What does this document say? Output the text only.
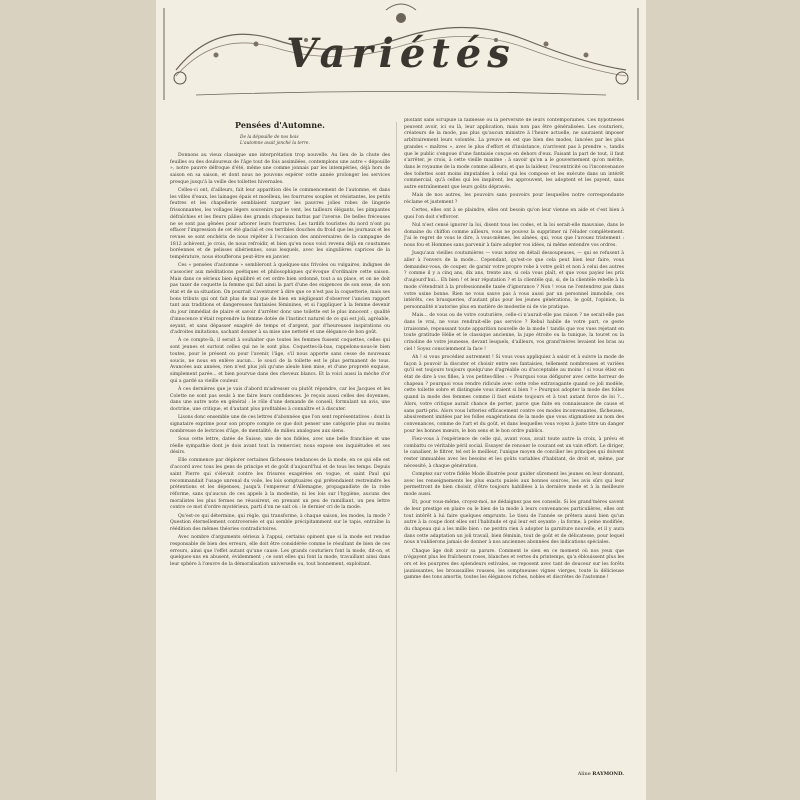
Variétés
Pensées d'Automne.
De la dépouille de nos bois
L'automne avait jonché la terre.

Donnons au vieux classique une interprétation trop nouvelle. Au lieu de la chute des feuilles ou des douloureux de l'âge tout de fois assimilées, contemplons une autre « dépouille », notre pauvre défroque d'été, même une comme jonnais par les intempéries, déjà hors de saison en sa saison, et dont nous ne pouvons espérer cette année prolonger les services presque jusqu'à la veille des toilettes hivernales.

Celles-ci ont, d'ailleurs, fait leur apparition dès le commencement de l'automne, et dans les villes d'eaux, les lainages épais et moelleux, les fourrures souples et résistantes, les petits feutres et les chapellerie semblaient narguer les pauvres jolies robes de lingerie frissonnantes, les vollages légers souvenirs par le vent, les tailleurs élégants, les pimpantes défraîchies et les fleurs pâlies des grands chapeaux battus par l'averse. De belles fréceuses ne se sont pas gênées pour arborer leurs fourrures. Les tardifs touristes du nord n'ont pu effacer l'impression de cet été glacial et ces terribles douches du froid que les journaux et les revues se sont enchéris de nous répéter à l'occasion des anniversaires de la campagne de 1812 achèvent, je crois, de nous refroidir, et bien qu'en nous voici revenu déjà en coustumes boréennes et de pelisses sibériennes, sous lesquels, avec les singulières caprices de la température, nous étoufferons peut-être en janvier.

Ces « pensées d'automne » sembleront à quelques-uns frivoles ou vulgaires, indignes de s'associer aux méditations poétiques et philosophiques qu'évoque d'ordinaire cette saison. Mais dans ce sérieux bien équilibré et cet ordre bien ordonné, tout a sa place, et on ne doit pas taxer de coquette la femme qui fait ainsi la part d'une des exigences de son sexe, de son état et de sa situation. On pourrait s'aventurer à dire que ce n'est pas la coquetterie, mais ses bons tributs qui ont fait plus de mal que de bien en négligeant d'observer l'ancien rapport tant aux traditions et dangereuses fantaisies féminines, et si l'appliquer à la femme devenir du jour immédiat de plaire et savoir d'arrêter donc une toilette est le plus innocent ; qualité d'innocence n'était reprendre la femme dotée de l'instinct naturel de ce qui est joli, agréable, seyant, et sans dépasser exagéré de temps et d'argent, par d'heureuses inspirations ou d'adroites imitations, sachant donner à sa mise une netteté et une élégance de bon goût.

À ce compte-là, il serait à souhaiter que toutes les femmes fussent coquettes, celles qui sont jeunes et surtout celles qui ne le sont plus. Coquettes-là-bas, rappelons-nous-le bien toutes, pour le présent ou pour l'avenir, l'âge, s'il nous apporte sans cesse de nouveaux soucis, ne nous en enlève aucun... le souci de la toilette est le plus permanent de tous. Avancées aux années, rien n'est plus joli qu'une aïeule bien mise, et d'une propreté exquise, simplement parée... et bien pourvue dans des cheveux blancs. Et la voici aussi la mèche d'or qui a gardé sa vieille couleur.

À ces dernières que je vais d'abord m'adresser ou plutôt répondre, car les Jacques et les Colette ne sont pas seuls à me faire leurs confidences. Je reçois aussi celles des doyennes, dans une autre note en général : le rôle d'une demande de conseil, formulant un avis, une doctrine, une critique, et d'autant plus profitables à connaître et à discuter.

Lisons donc ensemble une de ces lettres d'abonnées que l'on sent représentatives : dont la signataire exprime pour son propre compte ce que doit penser une catégorie plus ou moins nombreuse de lectrices d'âge, de mentalité, de milieu analogues aux siens.

Sous cette lettre, datée de Suisse, une de nos fidèles, avec une belle franchise et une réelle sympathie dont je dois avant tout la remercier, nous expose ses inquiétudes et ses désirs.

Elle commence par déplorer certaines fâcheuses tendances de la mode, en ce qui elle est d'accord avec tous les gens de principe et de goût d'aujourd'hui et de tous les temps. Depuis saint Pierre qui s'élevait contre les frisures exagérées en vogue, et saint Paul qui recommandait l'usage unrenal du voile, les lois somptuaires qui prétendaient restreindre les prétentions et les dépenses, jusqu'à l'empereur d'Allemagne, propagandiste de la robe réforme, sans qu'aucun de ces appels à la modestie, ni les lois sur l'hygiène, aucuns des moralistes les plus fermes ne réussirent, en prenant un peu de ramilliant, un peu lettre contre ce mot d'ordre mystérieux, parti d'on ne sait où : le dernier cri de la mode.

Qu'est-ce qui détermine, qui règle, qui transforme, à chaque saison, les modes, la mode ? Question éternellement controversée et qui semble précipitamment sur le tapis, entraîne la réédition des mêmes théories contradictoires.

Avec nombre d'arguments sérieux à l'appui, certains opinent que si la mode est rendue responsable de bien des erreurs, elle doit être considérée comme le résultant de bien de ces erreurs, ainsi que l'effet autant qu'une cause. Les grands couturiers font la mode, dit-on, et quelques-uns en abusent, évidemment ; ce sont elles qui font la mode, travaillant ainsi dans leur sphère à l'œuvre de la démoralisation universelle ou, tout bonnement, exploitant.

ploitant sans scrupule la faiblesse ou la perversité de leurs contemporaines. Ces hypothèses peuvent avoir, ici ou là, leur application, mais non pas être généralisées. Les couturiers, créateurs de la mode, pas plus qu'aucun ministre à l'heure actuelle, ne sauraient imposer arbitrairement leurs volontés. La preuve en est que bien des modes, lancées par les plus grandes « maîtres », avec le plus d'effort et d'insistance, n'arrivent pas à prendre », tandis que le public s'engoue d'une fantaisie conçue en dehors d'eux. Faisant la part de tout, il faut s'arrêter, je crois, à cette vieille maxime : à savoir qu'on a le gouvernement qu'on mérite, dans le royaume de la mode comme ailleurs, et que la laideur, l'excentricité ou l'inconvenance des toilettes sont moins imputables à celui qui les compose et les exécute dans un intérêt commercial, qu'à celles qui les inspirent, les approuvent, les adoptent et les payent, sans autre entraînement que leurs goûts dépravés.

Mais de nos autres, les pouvoirs sans pouvoirs pour lesquelles notre correspondante réclame et justement ?

Certes, elles ont à se plaindre, elles ont besoin qu'on leur vienne en aide et c'est bien à quoi l'on doit s'efforcer.

Nul n'est censé ignorer la loi, disent tous les codes, et la loi serait-elle mauvaise, dans le domaine du chiffon comme ailleurs, vous ne pouvez la supprimer ni l'éluder complètement. J'ai le regret de vous le dire, à vous-mêmes, les aînées, qui, vous que l'avouez tristement : nous fou et Hommes sans parvenir à faire adopter vos idées, ni même entendre vos ordres.

Jusqu'aux vieilles coutumières — vous notez en détail dessoupeuses, — qui se refusent à aller à l'envers de la mode... Cependant, qu'est-ce que cela peut bien leur faire, vous demandez-vous, de couper, de garnir votre propre robe à votre goût et non à celui des autres ? comme il y a cinq ans, dix ans, trente ans, si cela vous plaît, et que vous payiez les prix d'aujourd'hui... Eh bien ! et leur réputation ? et la clientèle qui, si, de la clientèle rebelle à la mode s'étendrait à la professionnelle taxée d'ignorance ? Non ! vous ne l'entendrez pas dans votre usine bonne. Rien ne vous sauve pas à vous aussi par un personnel immobile, ces intérêts, ces brusqueries, d'autant plus pour les jeunes générations, le goût, l'opinion, la personnalité n'autorise plus en matière de modestie ni de vie pratique.

Mais... de vous ou de votre couturière, celle-ci n'aurait-elle pas raison ? ne serait-elle pas dans le vrai, ne vous rendrait-elle pas service ? Rebul habile de votre part, ce geste irraisonné, repoussant toute apparition nouvelle de la mode ! tandis que vos vues rejetant en toute gratitude Hélie et le classique ancienne, la jupe étroite ou la tunique, la touret ou la crinoline de votre jeunesse, devant lesquels, d'ailleurs, vos grand'mères levaient les bras au ciel ! Soyez consciemment la face !

Ah ! si vous procédiez autrement ! Si vous vous appliquiez à saisir et à suivre la mode de façon à pouvoir la discuter et choisir entre ses fantaisies, tellement nombreuses et variées qu'il est toujours toujours quelqu'une d'agréable ou d'acceptable au moins ! si vous étiez en état de dire à vos filles, à vos petites-filles : « Pourquoi vous défigurer avec cette horreur de chapeau ? pourquoi vous rendre ridicule avec cette robe extravagante quand ce joli modèle, cette toilette sobre et distinguée vous iraient si bien ? » Pourquoi adopter la mode des folles quand la mode des femmes comme il faut existe toujours et à tout autant force de loi ?... Alors, votre critique aurait chance de porter, parce que faite en connaissance de cause et sans parti-pris. Alors vous lutteriez efficacement contre ces modes inconvenantes, fâcheuses, abusivement imitées par les folles exagérations de la mode que vous stigmatisez au nom des convenances, comme de l'art et du goût, et dans lesquelles vous voyez à juste titre un danger pour les bonnes mœurs, le bon sens et le bon ordre publics.

Fiez-vous à l'expérience de celle qui, avant vous, avait toute autre la croix, à prévu et combattu ce véritable péril social. Essayer de renouer le courant est un vain effort. Le diriger, le canaliser, le filtrer, tel est le meilleur, l'unique moyen de concilier les principes qui doivent rester immuables avec les besoins et les goûts variables d'habitant, de droit et, même, par nécessité, à chaque génération.

Comptez sur votre fidèle Mode illustrée pour guider sûrement les jeunes en leur donnant, avec les renseignements les plus exacts puisés aux bonnes sources, les avis sûrs qui leur permettront de bien choisir, d'être toujours habillées à la dernière mode et à la meilleure mode aussi.

Et, pour vous-même, croyez-moi, ne dédaignez pas ses conseils. Si les grand'mères savent de leur prestige en plaire ou le bien de la mode à leurs convenances particulières, elles ont tout intérêt à lui faire quelques emprunts. Le tissu de l'année se prêtera aussi bien qu'un autre à la coupe dont elles ont l'habitude et qui leur est seyante ; la forme, à peine modifiée, du chapeau qui a les mille bien : ne perdra rien à adopter la garniture nouvelle, et il y aura dans cette adaptation un joli travail, bien féminin, tout de goût et de délicatesse, pour lequel nous n'oublierons jamais de donner à nos anciennes abonnées des indications spéciales.

Chaque âge doit avoir sa parure. Comment le sien en ce moment où nos yeux que n'égayent plus les fraîcheurs roses, blanches et vertes du printemps, qu'a éblouissent plus les ors et les pourpres des splendeurs estivales, se reposent avec tant de douceur sur les forêts jaunissantes, les broussailles rousses, les somptueuses vignes vierges, toute la délicieuse gamme des tons amortis, toutes les élégances riches, nobles et discrètes de l'automne !

Aline RAYMOND.
